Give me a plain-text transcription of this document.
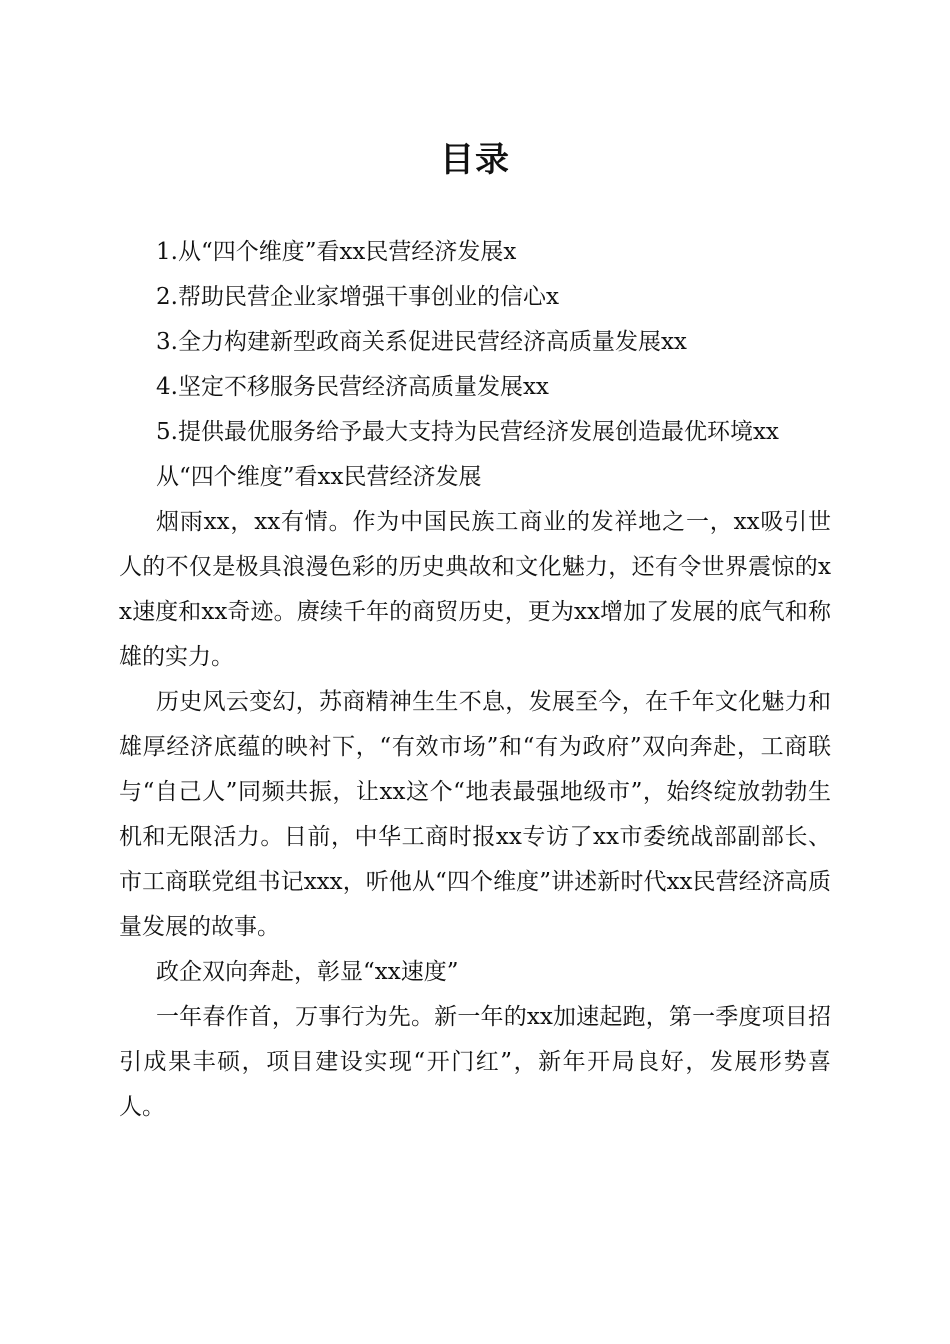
目录

1.从“四个维度”看xx民营经济发展x

2.帮助民营企业家增强干事创业的信心x

3.全力构建新型政商关系促进民营经济高质量发展xx

4.坚定不移服务民营经济高质量发展xx

5.提供最优服务给予最大支持为民营经济发展创造最优环境xx

从“四个维度”看xx民营经济发展

烟雨xx，xx有情。作为中国民族工商业的发祥地之一，xx吸引世人的不仅是极具浪漫色彩的历史典故和文化魅力，还有令世界震惊的xx速度和xx奇迹。赓续千年的商贸历史，更为xx增加了发展的底气和称雄的实力。

历史风云变幻，苏商精神生生不息，发展至今，在千年文化魅力和雄厚经济底蕴的映衬下，“有效市场”和“有为政府”双向奔赴，工商联与“自己人”同频共振，让xx这个“地表最强地级市”，始终绽放勃勃生机和无限活力。日前，中华工商时报xx专访了xx市委统战部副部长、市工商联党组书记xxx，听他从“四个维度”讲述新时代xx民营经济高质量发展的故事。

政企双向奔赴，彰显“xx速度”

一年春作首，万事行为先。新一年的xx加速起跑，第一季度项目招引成果丰硕，项目建设实现“开门红”，新年开局良好，发展形势喜人。
